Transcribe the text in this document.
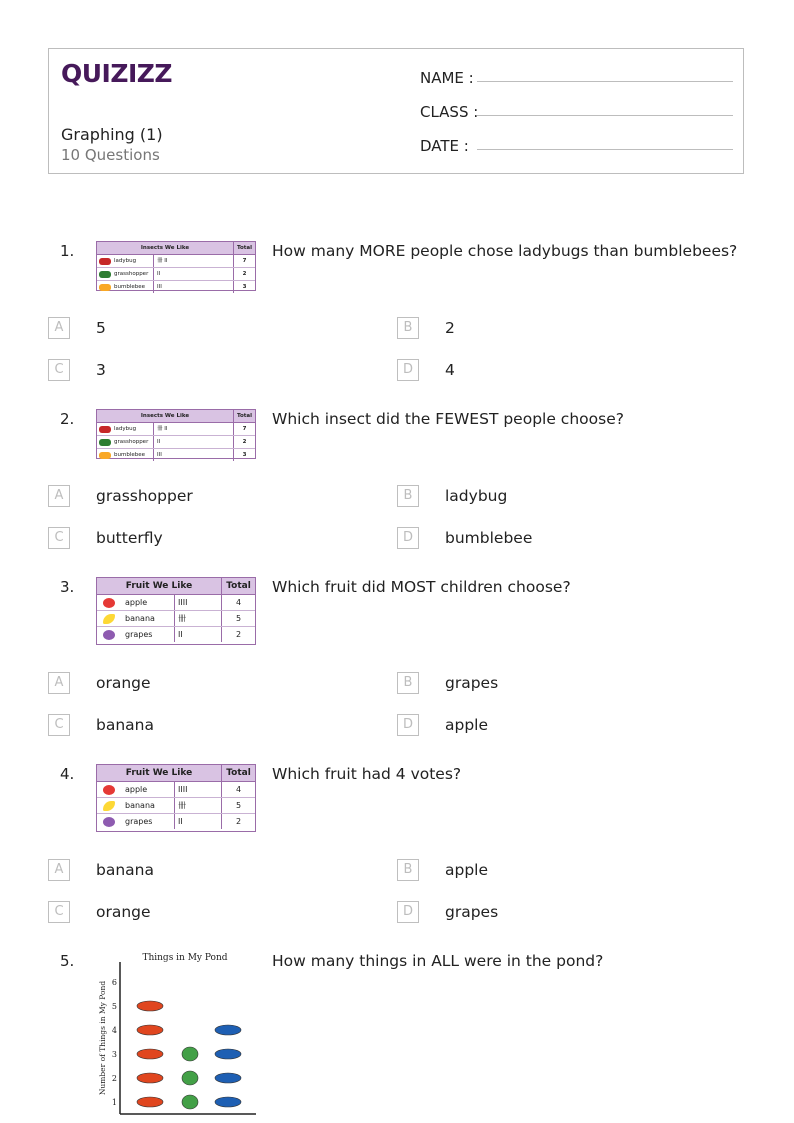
QUIZIZZ
Graphing (1)
10 Questions
NAME :
CLASS :
DATE :
1.	Insects We Like	Total
ladybug	卌 II	7
grasshopper	II	2
bumblebee	III	3
How many MORE people chose ladybugs than bumblebees?
A	5	B	2
C	3	D	4
2.	Insects We Like	Total
ladybug	卌 II	7
grasshopper	II	2
bumblebee	III	3
Which insect did the FEWEST people choose?
A	grasshopper	B	ladybug
C	butterfly	D	bumblebee
3.	Fruit We Like	Total
apple	IIII	4
banana	卌	5
grapes	II	2
Which fruit did MOST children choose?
A	orange	B	grapes
C	banana	D	apple
4.	Fruit We Like	Total
apple	IIII	4
banana	卌	5
grapes	II	2
Which fruit had 4 votes?
A	banana	B	apple
C	orange	D	grapes
5.	How many things in ALL were in the pond?
Things in My Pond
Number of Things in My Pond
1
2
3
4
5
6
